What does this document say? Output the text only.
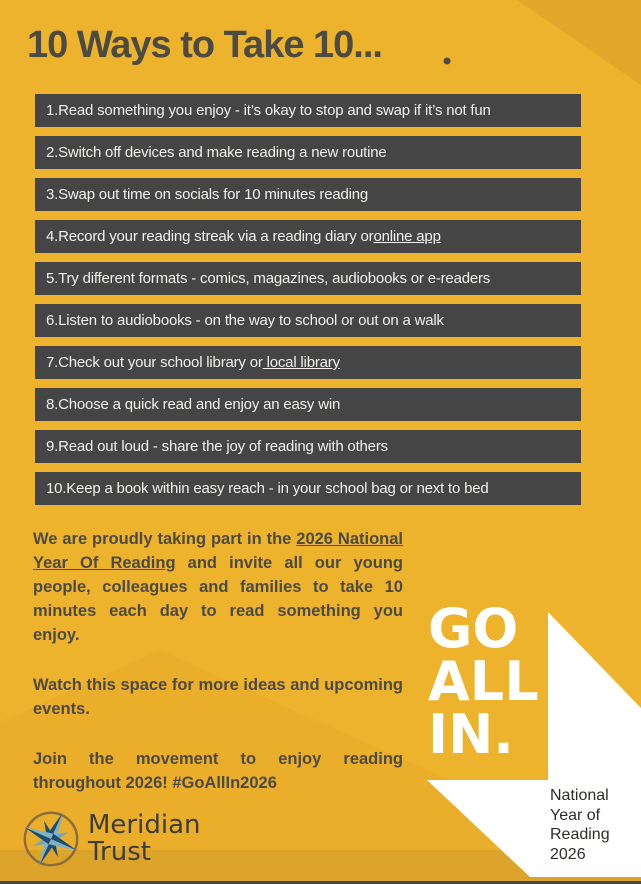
10 Ways to Take 10...
1.Read something you enjoy - it’s okay to stop and swap if it’s not fun
2.Switch off devices and make reading a new routine
3.Swap out time on socials for 10 minutes reading
4.Record your reading streak via a reading diary or online app
5.Try different formats - comics, magazines, audiobooks or e-readers
6.Listen to audiobooks - on the way to school or out on a walk
7.Check out your school library or local library
8.Choose a quick read and enjoy an easy win
9.Read out loud - share the joy of reading with others
10.Keep a book within easy reach - in your school bag or next to bed

We are proudly taking part in the 2026 National Year Of Reading and invite all our young people, colleagues and families to take 10 minutes each day to read something you enjoy.

Watch this space for more ideas and upcoming events.

Join the movement to enjoy reading throughout 2026! #GoAllIn2026

GO
ALL
IN.
National
Year of
Reading
2026
Meridian
Trust
